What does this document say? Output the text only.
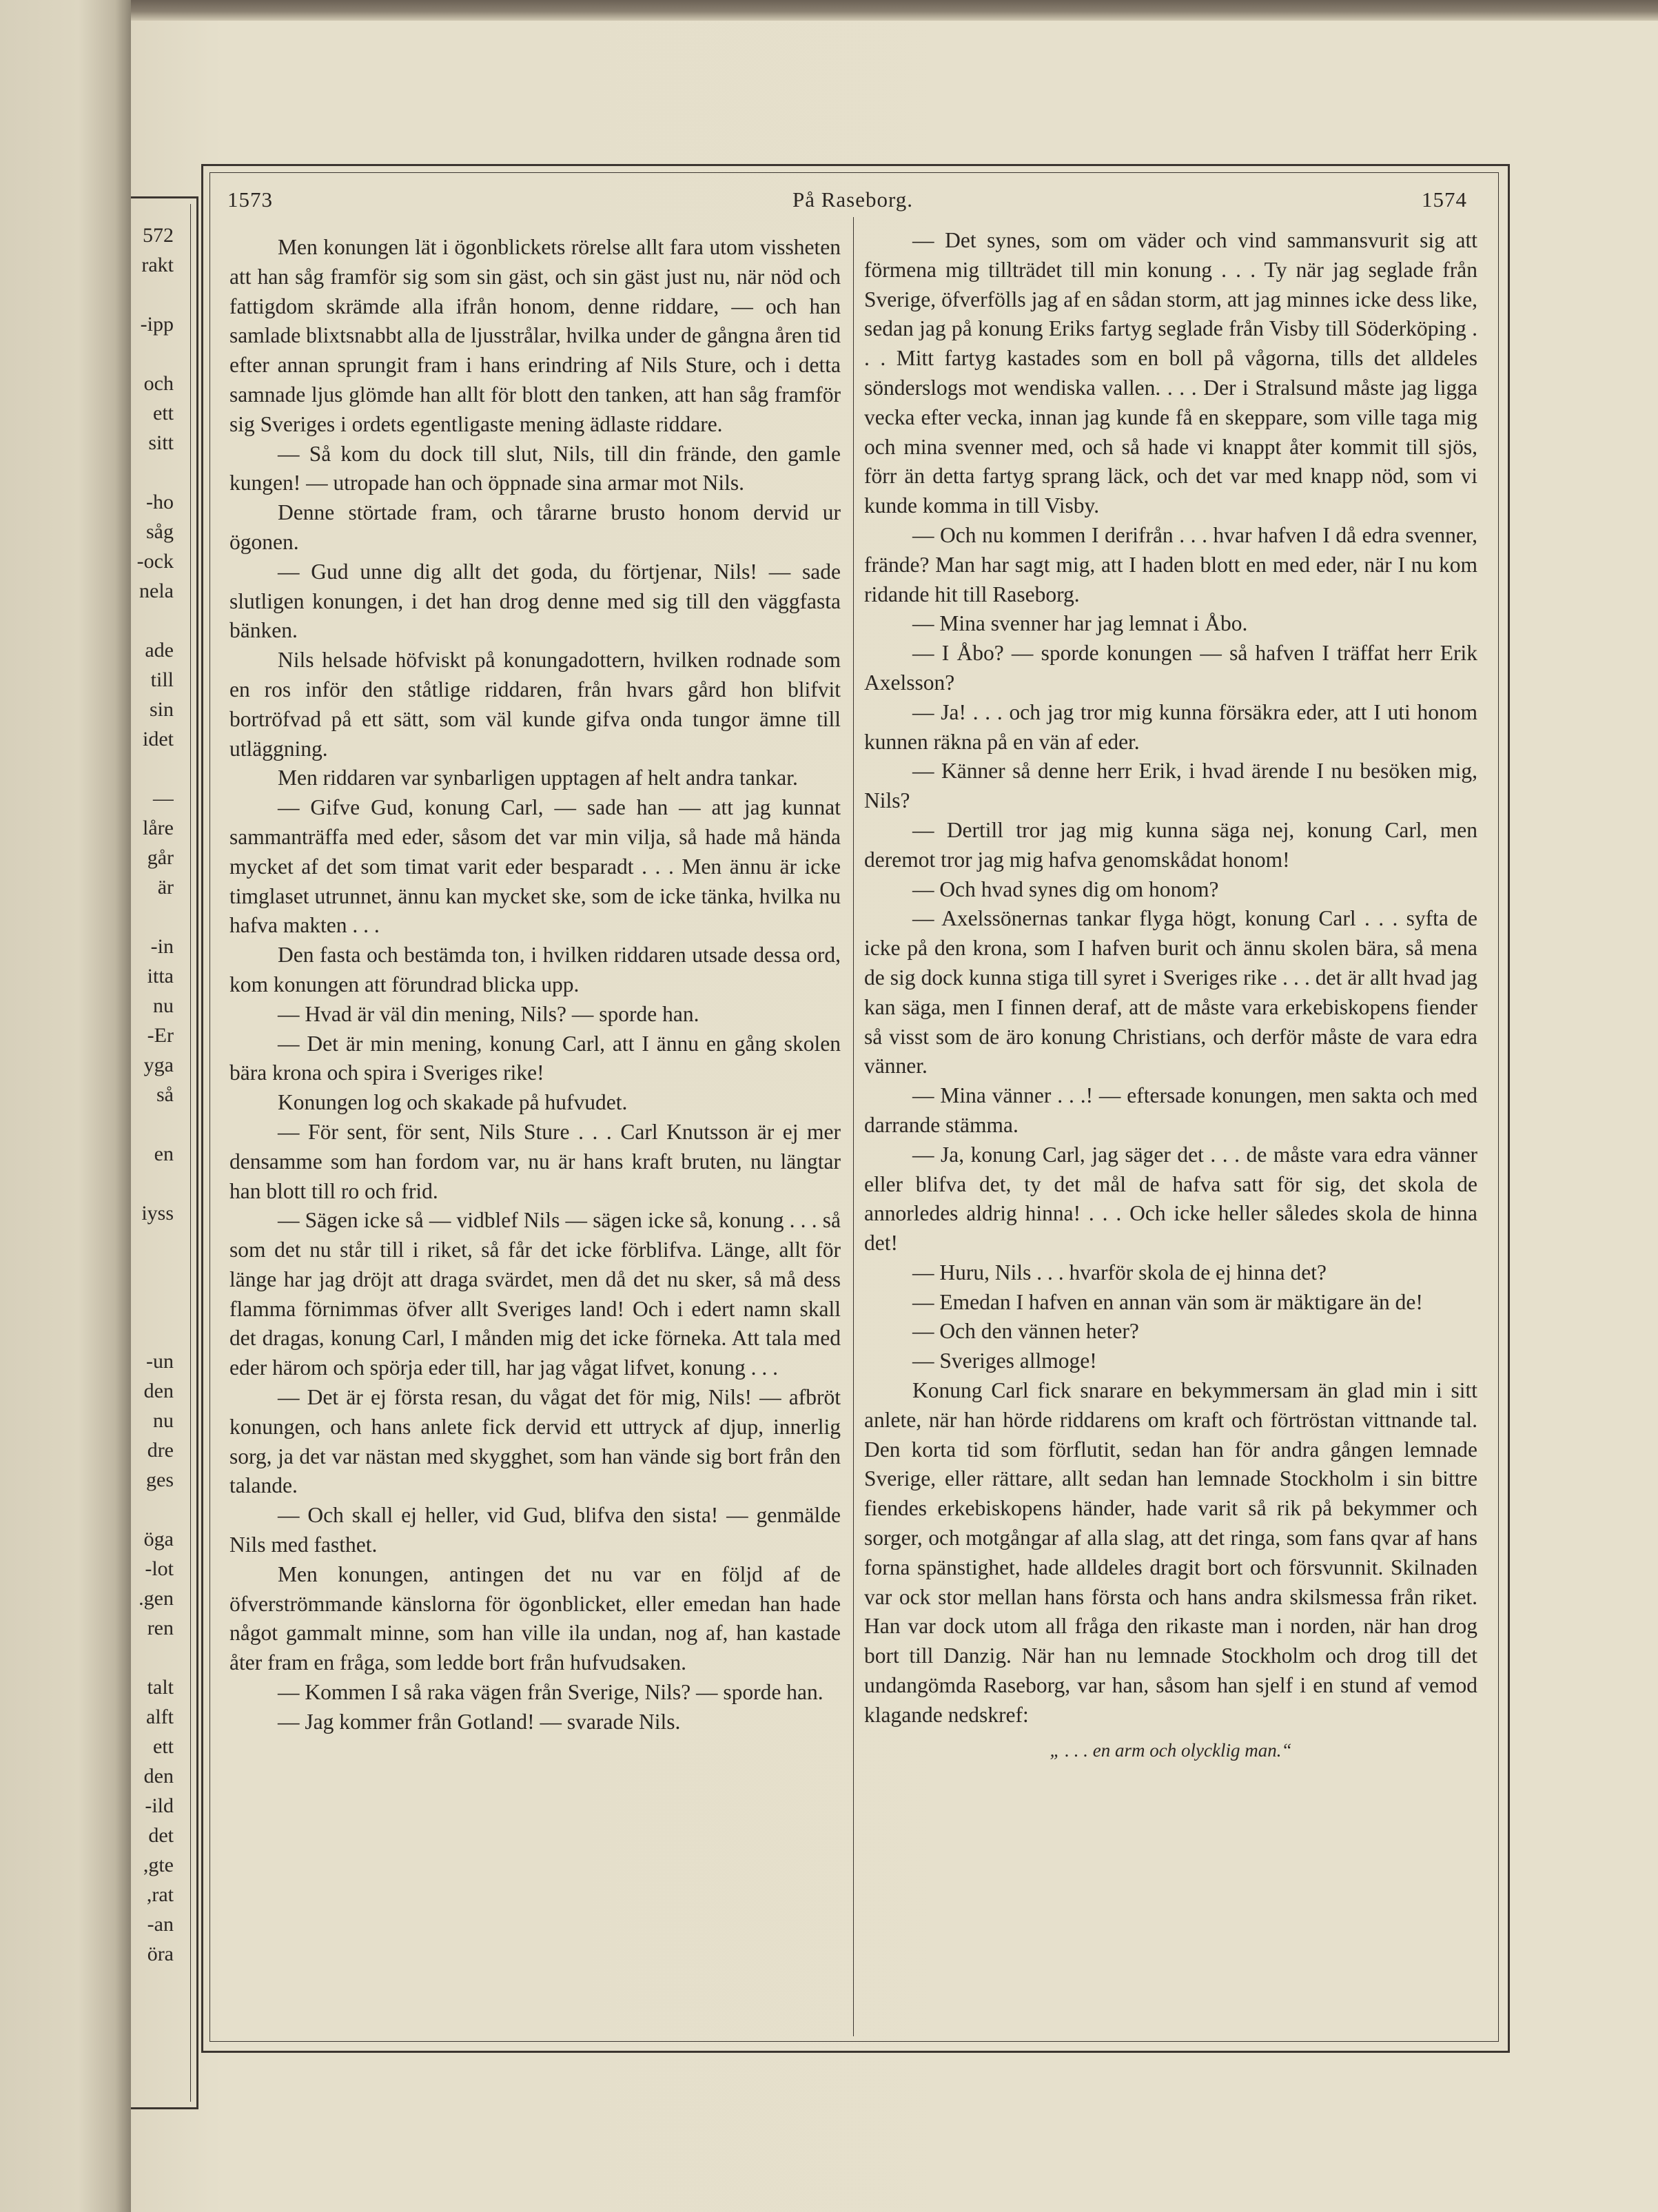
572
rakt
ipp-
och
ett
sitt
ho-
såg
ock-
nela
ade
till
sin
idet
—
låre
går
är
in-
itta
nu
Er-
yga
så
en
iyss
un-
den
nu
dre
ges
öga
lot-
gen.
ren
talt
alft
ett
den
ild-
det
gte,
rat,
an-
öra
1573	På Raseborg.	1574

Men konungen lät i ögonblickets rörelse allt fara utom vissheten att han såg framför sig som sin gäst, och sin gäst just nu, när nöd och fattigdom skrämde alla ifrån honom, denne riddare, — och han samlade blixtsnabbt alla de ljusstrålar, hvilka under de gångna åren tid efter annan sprungit fram i hans erindring af Nils Sture, och i detta samnade ljus glömde han allt för blott den tanken, att han såg framför sig Sveriges i ordets egentligaste mening ädlaste riddare.

— Så kom du dock till slut, Nils, till din frände, den gamle kungen! — utropade han och öppnade sina armar mot Nils.

Denne störtade fram, och tårarne brusto honom dervid ur ögonen.

— Gud unne dig allt det goda, du förtjenar, Nils! — sade slutligen konungen, i det han drog denne med sig till den väggfasta bänken.

Nils helsade höfviskt på konungadottern, hvilken rodnade som en ros inför den ståtlige riddaren, från hvars gård hon blifvit bortröfvad på ett sätt, som väl kunde gifva onda tungor ämne till utläggning.

Men riddaren var synbarligen upptagen af helt andra tankar.

— Gifve Gud, konung Carl, — sade han — att jag kunnat sammanträffa med eder, såsom det var min vilja, så hade må hända mycket af det som timat varit eder besparadt . . . Men ännu är icke timglaset utrunnet, ännu kan mycket ske, som de icke tänka, hvilka nu hafva makten . . .

Den fasta och bestämda ton, i hvilken riddaren utsade dessa ord, kom konungen att förundrad blicka upp.

— Hvad är väl din mening, Nils? — sporde han.

— Det är min mening, konung Carl, att I ännu en gång skolen bära krona och spira i Sveriges rike!

Konungen log och skakade på hufvudet.

— För sent, för sent, Nils Sture . . . Carl Knutsson är ej mer densamme som han fordom var, nu är hans kraft bruten, nu längtar han blott till ro och frid.

— Sägen icke så — vidblef Nils — sägen icke så, konung . . . så som det nu står till i riket, så får det icke förblifva. Länge, allt för länge har jag dröjt att draga svärdet, men då det nu sker, så må dess flamma förnimmas öfver allt Sveriges land! Och i edert namn skall det dragas, konung Carl, I månden mig det icke förneka. Att tala med eder härom och spörja eder till, har jag vågat lifvet, konung . . .

— Det är ej första resan, du vågat det för mig, Nils! — afbröt konungen, och hans anlete fick dervid ett uttryck af djup, innerlig sorg, ja det var nästan med skygghet, som han vände sig bort från den talande.

— Och skall ej heller, vid Gud, blifva den sista! — genmälde Nils med fasthet.

Men konungen, antingen det nu var en följd af de öfverströmmande känslorna för ögonblicket, eller emedan han hade något gammalt minne, som han ville ila undan, nog af, han kastade åter fram en fråga, som ledde bort från hufvudsaken.

— Kommen I så raka vägen från Sverige, Nils? — sporde han.

— Jag kommer från Gotland! — svarade Nils.

— Det synes, som om väder och vind sammansvurit sig att förmena mig tillträdet till min konung . . . Ty när jag seglade från Sverige, öfverfölls jag af en sådan storm, att jag minnes icke dess like, sedan jag på konung Eriks fartyg seglade från Visby till Söderköping . . . Mitt fartyg kastades som en boll på vågorna, tills det alldeles sönderslogs mot wendiska vallen. . . . Der i Stralsund måste jag ligga vecka efter vecka, innan jag kunde få en skeppare, som ville taga mig och mina svenner med, och så hade vi knappt åter kommit till sjös, förr än detta fartyg sprang läck, och det var med knapp nöd, som vi kunde komma in till Visby.

— Och nu kommen I derifrån . . . hvar hafven I då edra svenner, frände? Man har sagt mig, att I haden blott en med eder, när I nu kom ridande hit till Raseborg.

— Mina svenner har jag lemnat i Åbo.

— I Åbo? — sporde konungen — så hafven I träffat herr Erik Axelsson?

— Ja! . . . och jag tror mig kunna försäkra eder, att I uti honom kunnen räkna på en vän af eder.

— Känner så denne herr Erik, i hvad ärende I nu besöken mig, Nils?

— Dertill tror jag mig kunna säga nej, konung Carl, men deremot tror jag mig hafva genomskådat honom!

— Och hvad synes dig om honom?

— Axelssönernas tankar flyga högt, konung Carl . . . syfta de icke på den krona, som I hafven burit och ännu skolen bära, så mena de sig dock kunna stiga till syret i Sveriges rike . . . det är allt hvad jag kan säga, men I finnen deraf, att de måste vara erkebiskopens fiender så visst som de äro konung Christians, och derför måste de vara edra vänner.

— Mina vänner . . .! — eftersade konungen, men sakta och med darrande stämma.

— Ja, konung Carl, jag säger det . . . de måste vara edra vänner eller blifva det, ty det mål de hafva satt för sig, det skola de annorledes aldrig hinna! . . . Och icke heller således skola de hinna det!

— Huru, Nils . . . hvarför skola de ej hinna det?

— Emedan I hafven en annan vän som är mäktigare än de!

— Och den vännen heter?

— Sveriges allmoge!

Konung Carl fick snarare en bekymmersam än glad min i sitt anlete, när han hörde riddarens om kraft och förtröstan vittnande tal. Den korta tid som förflutit, sedan han för andra gången lemnade Sverige, eller rättare, allt sedan han lemnade Stockholm i sin bittre fiendes erkebiskopens händer, hade varit så rik på bekymmer och sorger, och motgångar af alla slag, att det ringa, som fans qvar af hans forna spänstighet, hade alldeles dragit bort och försvunnit. Skilnaden var ock stor mellan hans första och hans andra skilsmessa från riket. Han var dock utom all fråga den rikaste man i norden, när han drog bort till Danzig. När han nu lemnade Stockholm och drog till det undangömda Raseborg, var han, såsom han sjelf i en stund af vemod klagande nedskref:

„ . . . en arm och olycklig man.“
